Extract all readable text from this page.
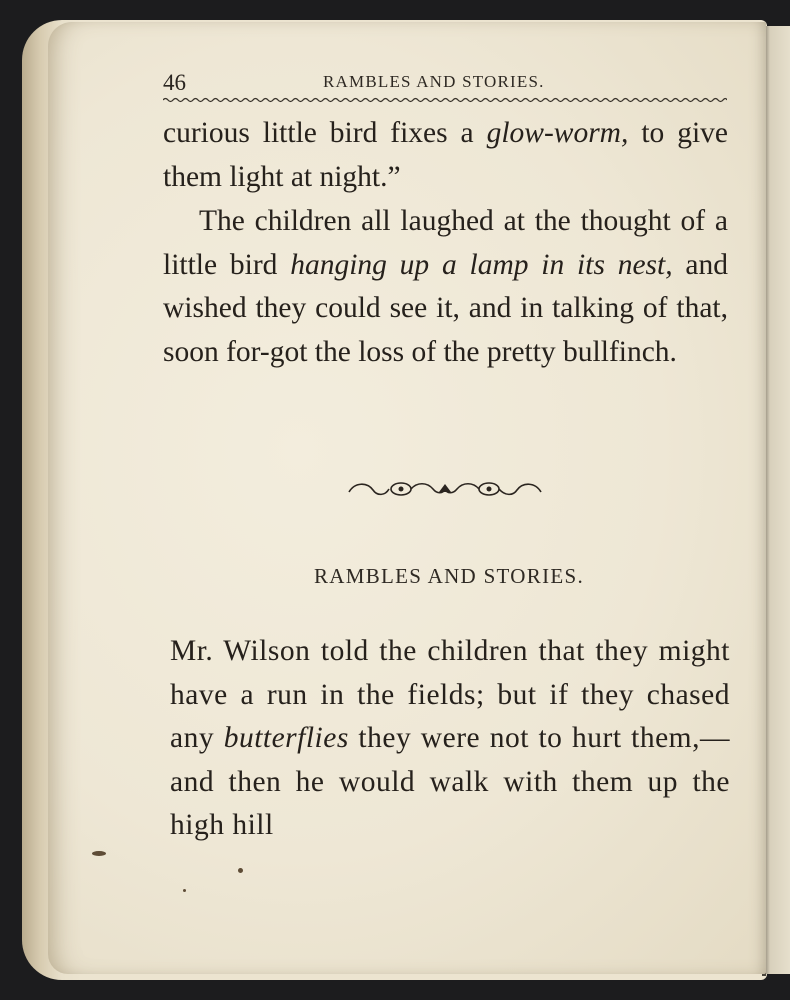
46	RAMBLES AND STORIES.

curious little bird fixes a glow-worm, to give them light at night.”

The children all laughed at the thought of a little bird hanging up a lamp in its nest, and wished they could see it, and in talking of that, soon for-got the loss of the pretty bullfinch.

RAMBLES AND STORIES.

Mr. Wilson told the children that they might have a run in the fields; but if they chased any butterflies they were not to hurt them,—and then he would walk with them up the high hill
